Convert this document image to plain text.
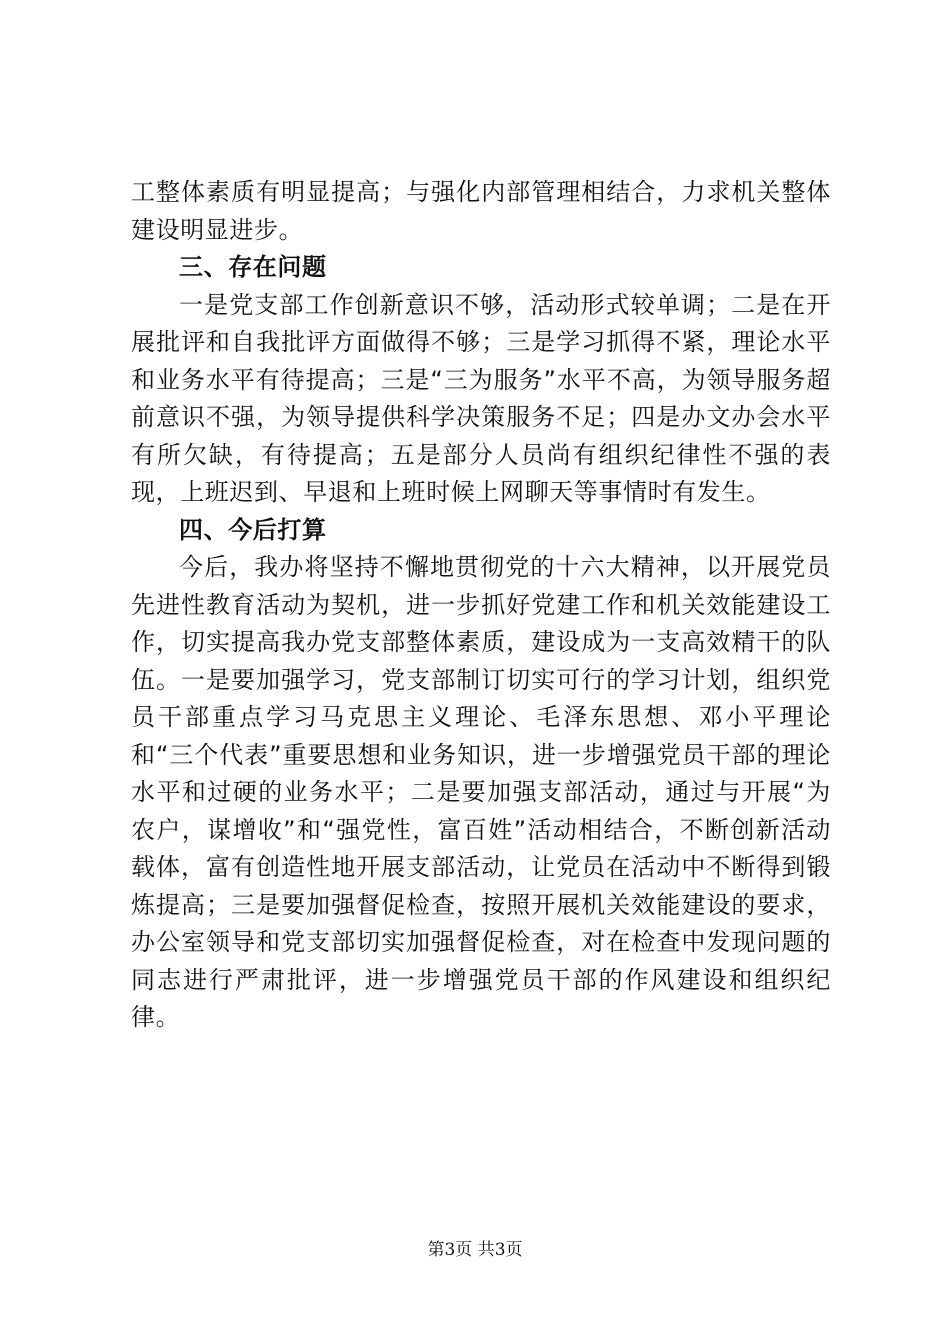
工整体素质有明显提高；与强化内部管理相结合，力求机关整体建设明显进步。

三、存在问题

一是党支部工作创新意识不够，活动形式较单调；二是在开展批评和自我批评方面做得不够；三是学习抓得不紧，理论水平和业务水平有待提高；三是“三为服务”水平不高，为领导服务超前意识不强，为领导提供科学决策服务不足；四是办文办会水平有所欠缺，有待提高；五是部分人员尚有组织纪律性不强的表现，上班迟到、早退和上班时候上网聊天等事情时有发生。

四、今后打算

今后，我办将坚持不懈地贯彻党的十六大精神，以开展党员先进性教育活动为契机，进一步抓好党建工作和机关效能建设工作，切实提高我办党支部整体素质，建设成为一支高效精干的队伍。一是要加强学习，党支部制订切实可行的学习计划，组织党员干部重点学习马克思主义理论、毛泽东思想、邓小平理论和“三个代表”重要思想和业务知识，进一步增强党员干部的理论水平和过硬的业务水平；二是要加强支部活动，通过与开展“为农户，谋增收”和“强党性，富百姓”活动相结合，不断创新活动载体，富有创造性地开展支部活动，让党员在活动中不断得到锻炼提高；三是要加强督促检查，按照开展机关效能建设的要求，办公室领导和党支部切实加强督促检查，对在检查中发现问题的同志进行严肃批评，进一步增强党员干部的作风建设和组织纪律。

第3页 共3页
